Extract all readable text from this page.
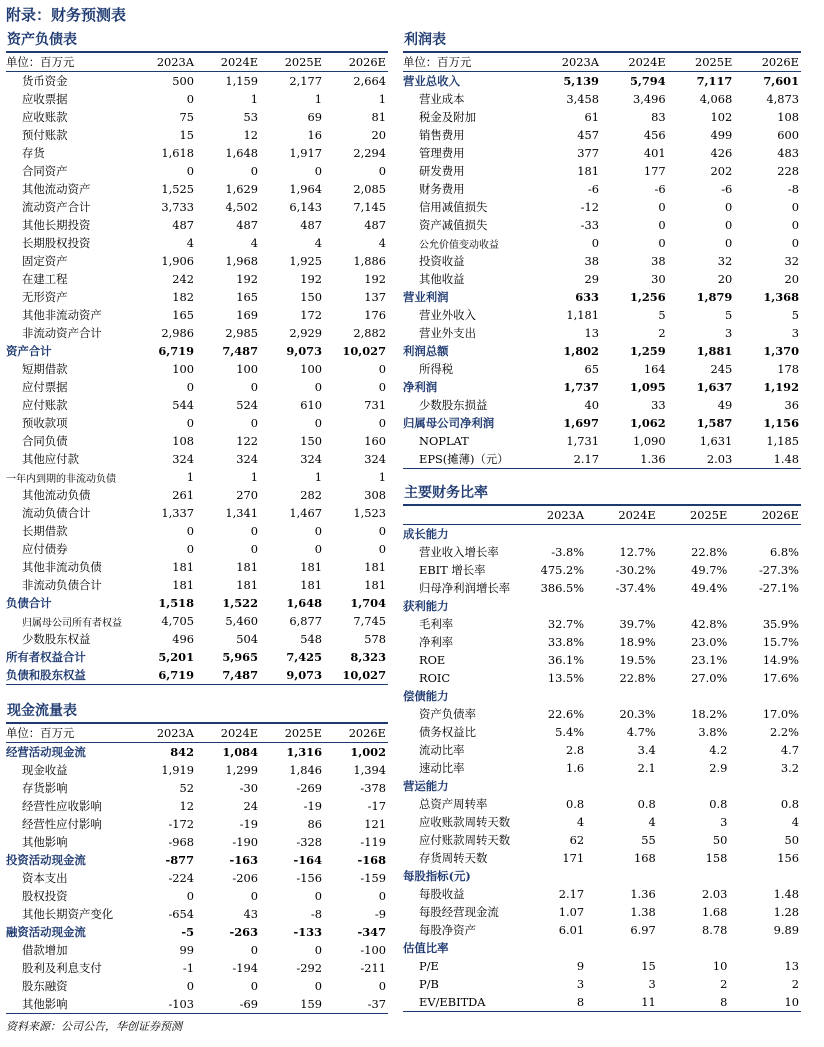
附录：财务预测表
资产负债表
单位：百万元	2023A	2024E	2025E	2026E
货币资金	500	1,159	2,177	2,664
应收票据	0	1	1	1
应收账款	75	53	69	81
预付账款	15	12	16	20
存货	1,618	1,648	1,917	2,294
合同资产	0	0	0	0
其他流动资产	1,525	1,629	1,964	2,085
流动资产合计	3,733	4,502	6,143	7,145
其他长期投资	487	487	487	487
长期股权投资	4	4	4	4
固定资产	1,906	1,968	1,925	1,886
在建工程	242	192	192	192
无形资产	182	165	150	137
其他非流动资产	165	169	172	176
非流动资产合计	2,986	2,985	2,929	2,882
资产合计	6,719	7,487	9,073	10,027
短期借款	100	100	100	0
应付票据	0	0	0	0
应付账款	544	524	610	731
预收款项	0	0	0	0
合同负债	108	122	150	160
其他应付款	324	324	324	324
一年内到期的非流动负债	1	1	1	1
其他流动负债	261	270	282	308
流动负债合计	1,337	1,341	1,467	1,523
长期借款	0	0	0	0
应付债券	0	0	0	0
其他非流动负债	181	181	181	181
非流动负债合计	181	181	181	181
负债合计	1,518	1,522	1,648	1,704
归属母公司所有者权益	4,705	5,460	6,877	7,745
少数股东权益	496	504	548	578
所有者权益合计	5,201	5,965	7,425	8,323
负债和股东权益	6,719	7,487	9,073	10,027
利润表
单位：百万元	2023A	2024E	2025E	2026E
营业总收入	5,139	5,794	7,117	7,601
营业成本	3,458	3,496	4,068	4,873
税金及附加	61	83	102	108
销售费用	457	456	499	600
管理费用	377	401	426	483
研发费用	181	177	202	228
财务费用	-6	-6	-6	-8
信用减值损失	-12	0	0	0
资产减值损失	-33	0	0	0
公允价值变动收益	0	0	0	0
投资收益	38	38	32	32
其他收益	29	30	20	20
营业利润	633	1,256	1,879	1,368
营业外收入	1,181	5	5	5
营业外支出	13	2	3	3
利润总额	1,802	1,259	1,881	1,370
所得税	65	164	245	178
净利润	1,737	1,095	1,637	1,192
少数股东损益	40	33	49	36
归属母公司净利润	1,697	1,062	1,587	1,156
NOPLAT	1,731	1,090	1,631	1,185
EPS(摊薄)（元）	2.17	1.36	2.03	1.48
主要财务比率
	2023A	2024E	2025E	2026E
成长能力				
营业收入增长率	-3.8%	12.7%	22.8%	6.8%
EBIT 增长率	475.2%	-30.2%	49.7%	-27.3%
归母净利润增长率	386.5%	-37.4%	49.4%	-27.1%
获利能力				
毛利率	32.7%	39.7%	42.8%	35.9%
净利率	33.8%	18.9%	23.0%	15.7%
ROE	36.1%	19.5%	23.1%	14.9%
ROIC	13.5%	22.8%	27.0%	17.6%
偿债能力				
资产负债率	22.6%	20.3%	18.2%	17.0%
债务权益比	5.4%	4.7%	3.8%	2.2%
流动比率	2.8	3.4	4.2	4.7
速动比率	1.6	2.1	2.9	3.2
营运能力				
总资产周转率	0.8	0.8	0.8	0.8
应收账款周转天数	4	4	3	4
应付账款周转天数	62	55	50	50
存货周转天数	171	168	158	156
每股指标(元)				
每股收益	2.17	1.36	2.03	1.48
每股经营现金流	1.07	1.38	1.68	1.28
每股净资产	6.01	6.97	8.78	9.89
估值比率				
P/E	9	15	10	13
P/B	3	3	2	2
EV/EBITDA	8	11	8	10
现金流量表
单位：百万元	2023A	2024E	2025E	2026E
经营活动现金流	842	1,084	1,316	1,002
现金收益	1,919	1,299	1,846	1,394
存货影响	52	-30	-269	-378
经营性应收影响	12	24	-19	-17
经营性应付影响	-172	-19	86	121
其他影响	-968	-190	-328	-119
投资活动现金流	-877	-163	-164	-168
资本支出	-224	-206	-156	-159
股权投资	0	0	0	0
其他长期资产变化	-654	43	-8	-9
融资活动现金流	-5	-263	-133	-347
借款增加	99	0	0	-100
股利及利息支付	-1	-194	-292	-211
股东融资	0	0	0	0
其他影响	-103	-69	159	-37
资料来源：公司公告，华创证券预测
